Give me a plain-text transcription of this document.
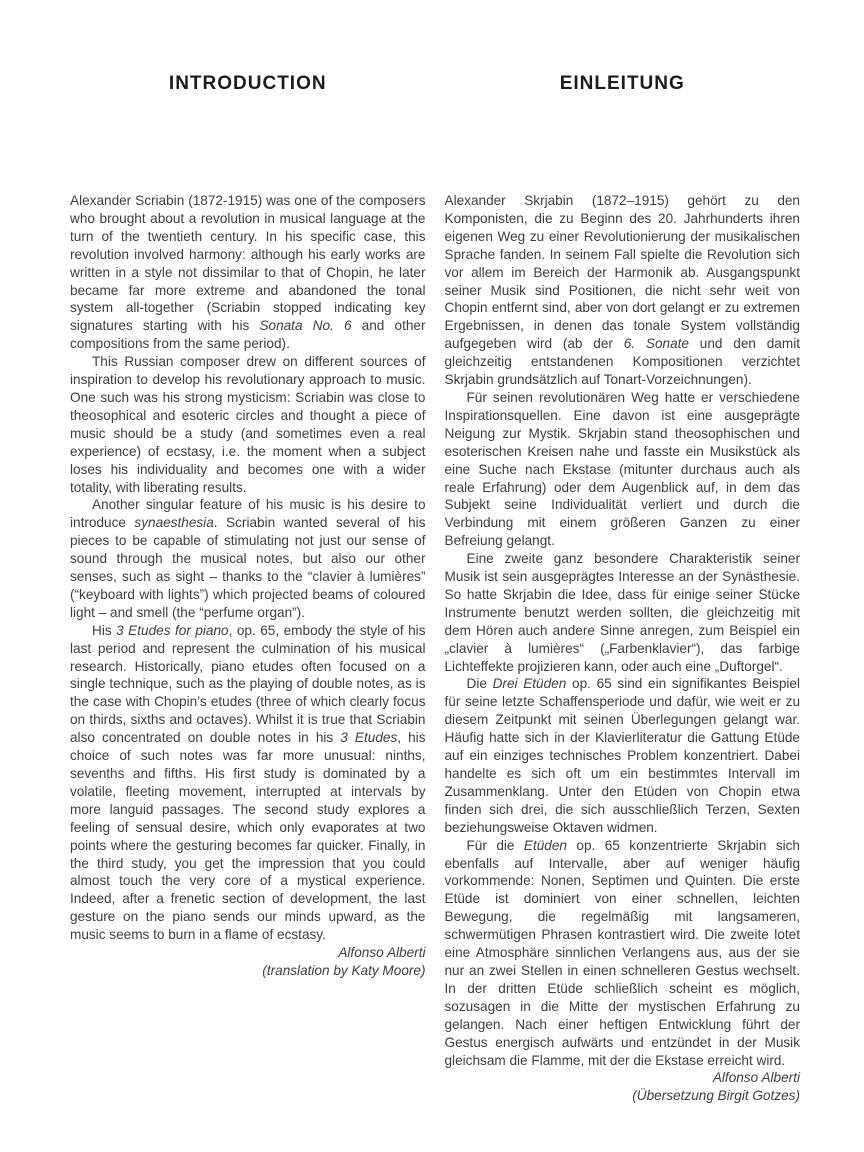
INTRODUCTION

Alexander Scriabin (1872-1915) was one of the composers who brought about a revolution in musical language at the turn of the twentieth century. In his specific case, this revolution involved harmony: although his early works are written in a style not dissimilar to that of Chopin, he later became far more extreme and abandoned the tonal system all-together (Scriabin stopped indicating key signatures starting with his Sonata No. 6 and other compositions from the same period).

This Russian composer drew on different sources of inspiration to develop his revolutionary approach to music. One such was his strong mysticism: Scriabin was close to theosophical and esoteric circles and thought a piece of music should be a study (and sometimes even a real experience) of ecstasy, i.e. the moment when a subject loses his individuality and becomes one with a wider totality, with liberating results.

Another singular feature of his music is his desire to introduce synaesthesia. Scriabin wanted several of his pieces to be capable of stimulating not just our sense of sound through the musical notes, but also our other senses, such as sight – thanks to the “clavier à lumières” (“keyboard with lights”) which projected beams of coloured light – and smell (the “perfume organ”).

His 3 Etudes for piano, op. 65, embody the style of his last period and represent the culmination of his musical research. Historically, piano etudes often focused on a single technique, such as the playing of double notes, as is the case with Chopin’s etudes (three of which clearly focus on thirds, sixths and octaves). Whilst it is true that Scriabin also concentrated on double notes in his 3 Etudes, his choice of such notes was far more unusual: ninths, sevenths and fifths. His first study is dominated by a volatile, fleeting movement, interrupted at intervals by more languid passages. The second study explores a feeling of sensual desire, which only evaporates at two points where the gesturing becomes far quicker. Finally, in the third study, you get the impression that you could almost touch the very core of a mystical experience. Indeed, after a frenetic section of development, the last gesture on the piano sends our minds upward, as the music seems to burn in a flame of ecstasy.

Alfonso Alberti

(translation by Katy Moore)

EINLEITUNG

Alexander Skrjabin (1872–1915) gehört zu den Komponisten, die zu Beginn des 20. Jahrhunderts ihren eigenen Weg zu einer Revolutionierung der musikalischen Sprache fanden. In seinem Fall spielte die Revolution sich vor allem im Bereich der Harmonik ab. Ausgangspunkt seiner Musik sind Positionen, die nicht sehr weit von Chopin entfernt sind, aber von dort gelangt er zu extremen Ergebnissen, in denen das tonale System vollständig aufgegeben wird (ab der 6. Sonate und den damit gleichzeitig entstandenen Kompositionen verzichtet Skrjabin grundsätzlich auf Tonart-Vorzeichnungen).

Für seinen revolutionären Weg hatte er verschiedene Inspirationsquellen. Eine davon ist eine ausgeprägte Neigung zur Mystik. Skrjabin stand theosophischen und esoterischen Kreisen nahe und fasste ein Musikstück als eine Suche nach Ekstase (mitunter durchaus auch als reale Erfahrung) oder dem Augenblick auf, in dem das Subjekt seine Individualität verliert und durch die Verbindung mit einem größeren Ganzen zu einer Befreiung gelangt.

Eine zweite ganz besondere Charakteristik seiner Musik ist sein ausgeprägtes Interesse an der Synästhesie. So hatte Skrjabin die Idee, dass für einige seiner Stücke Instrumente benutzt werden sollten, die gleichzeitig mit dem Hören auch andere Sinne anregen, zum Beispiel ein „clavier à lumières“ („Farbenklavier“), das farbige Lichteffekte projizieren kann, oder auch eine „Duftorgel“.

Die Drei Etüden op. 65 sind ein signifikantes Beispiel für seine letzte Schaffensperiode und dafür, wie weit er zu diesem Zeitpunkt mit seinen Überlegungen gelangt war. Häufig hatte sich in der Klavierliteratur die Gattung Etüde auf ein einziges technisches Problem konzentriert. Dabei handelte es sich oft um ein bestimmtes Intervall im Zusammenklang. Unter den Etüden von Chopin etwa finden sich drei, die sich ausschließlich Terzen, Sexten beziehungsweise Oktaven widmen.

Für die Etüden op. 65 konzentrierte Skrjabin sich ebenfalls auf Intervalle, aber auf weniger häufig vorkommende: Nonen, Septimen und Quinten. Die erste Etüde ist dominiert von einer schnellen, leichten Bewegung, die regelmäßig mit langsameren, schwermütigen Phrasen kontrastiert wird. Die zweite lotet eine Atmosphäre sinnlichen Verlangens aus, aus der sie nur an zwei Stellen in einen schnelleren Gestus wechselt. In der dritten Etüde schließlich scheint es möglich, sozusagen in die Mitte der mystischen Erfahrung zu gelangen. Nach einer heftigen Entwicklung führt der Gestus energisch aufwärts und entzündet in der Musik gleichsam die Flamme, mit der die Ekstase erreicht wird.

Alfonso Alberti

(Übersetzung Birgit Gotzes)
